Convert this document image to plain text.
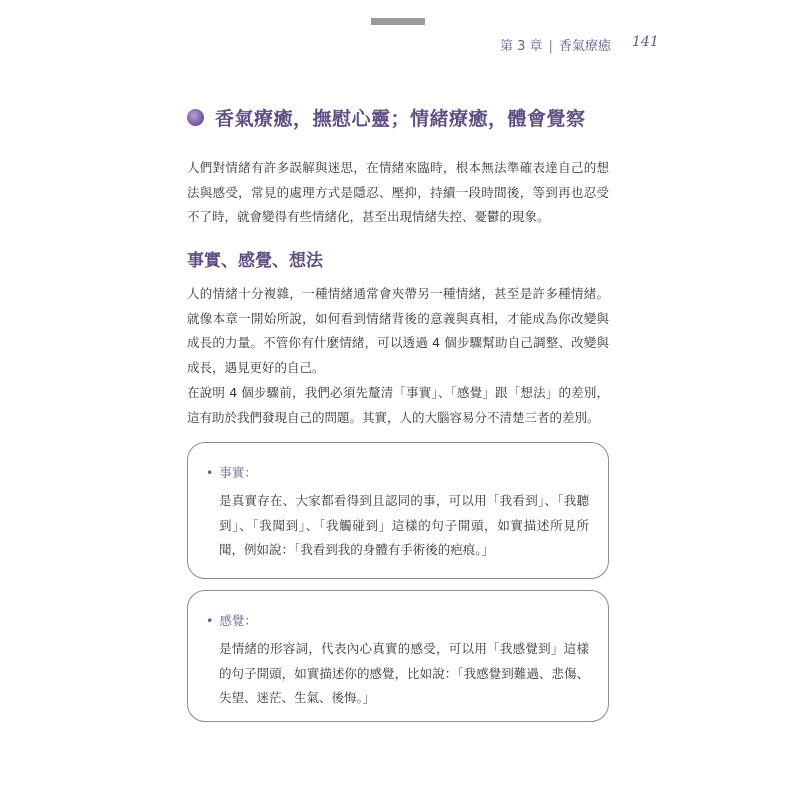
第 3 章 | 香氣療癒 141
香氣療癒，撫慰心靈；情緒療癒，體會覺察

人們對情緒有許多誤解與迷思，在情緒來臨時，根本無法準確表達自己的想法與感受，常見的處理方式是隱忍、壓抑，持續一段時間後，等到再也忍受不了時，就會變得有些情緒化，甚至出現情緒失控、憂鬱的現象。

事實、感覺、想法

人的情緒十分複雜，一種情緒通常會夾帶另一種情緒，甚至是許多種情緒。就像本章一開始所說，如何看到情緒背後的意義與真相，才能成為你改變與成長的力量。不管你有什麼情緒，可以透過 4 個步驟幫助自己調整、改變與成長，遇見更好的自己。

在說明 4 個步驟前，我們必須先釐清「事實」、「感覺」跟「想法」的差別，這有助於我們發現自己的問題。其實，人的大腦容易分不清楚三者的差別。

• 事實：

是真實存在、大家都看得到且認同的事，可以用「我看到」、「我聽到」、「我聞到」、「我觸碰到」這樣的句子開頭，如實描述所見所聞，例如說：「我看到我的身體有手術後的疤痕。」

• 感覺：

是情緒的形容詞，代表內心真實的感受，可以用「我感覺到」這樣的句子開頭，如實描述你的感覺，比如說：「我感覺到難過、悲傷、失望、迷茫、生氣、後悔。」
